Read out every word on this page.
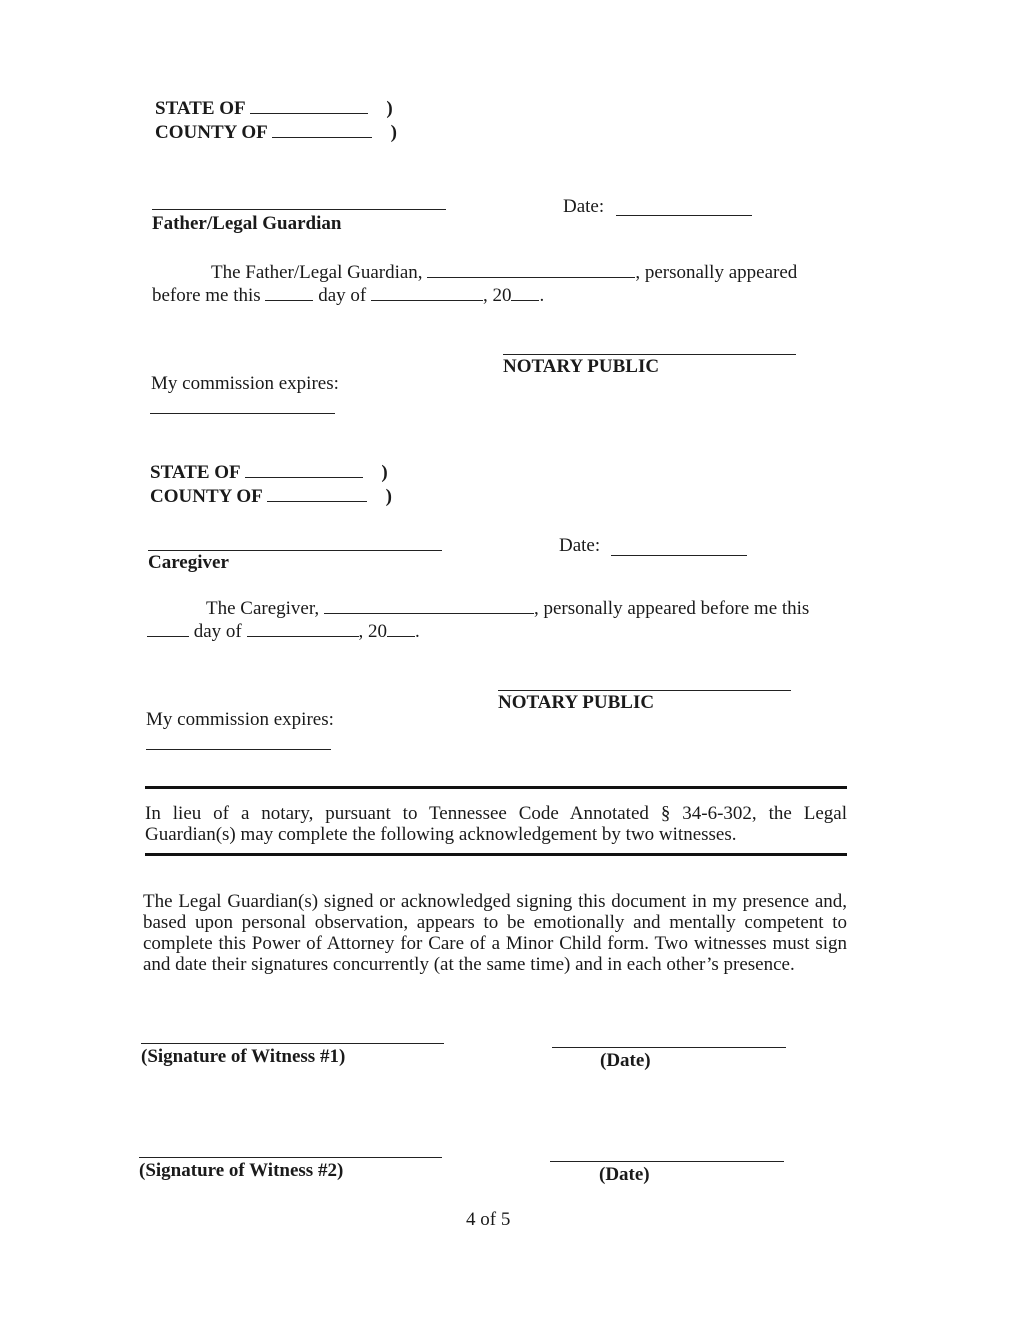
STATE OF	)
COUNTY OF	)
Father/Legal Guardian
Date:
The Father/Legal Guardian,	, personally appeared
before me this	day of	, 20 .
NOTARY PUBLIC
My commission expires:
STATE OF	)
COUNTY OF	)
Caregiver
Date:
The Caregiver,	, personally appeared before me this
day of	, 20 .
NOTARY PUBLIC
My commission expires:
In lieu of a notary, pursuant to Tennessee Code Annotated § 34-6-302, the Legal Guardian(s) may complete the following acknowledgement by two witnesses.
The Legal Guardian(s) signed or acknowledged signing this document in my presence and, based upon personal observation, appears to be emotionally and mentally competent to complete this Power of Attorney for Care of a Minor Child form. Two witnesses must sign and date their signatures concurrently (at the same time) and in each other’s presence.
(Signature of Witness #1)	(Date)
(Signature of Witness #2)	(Date)
4 of 5
